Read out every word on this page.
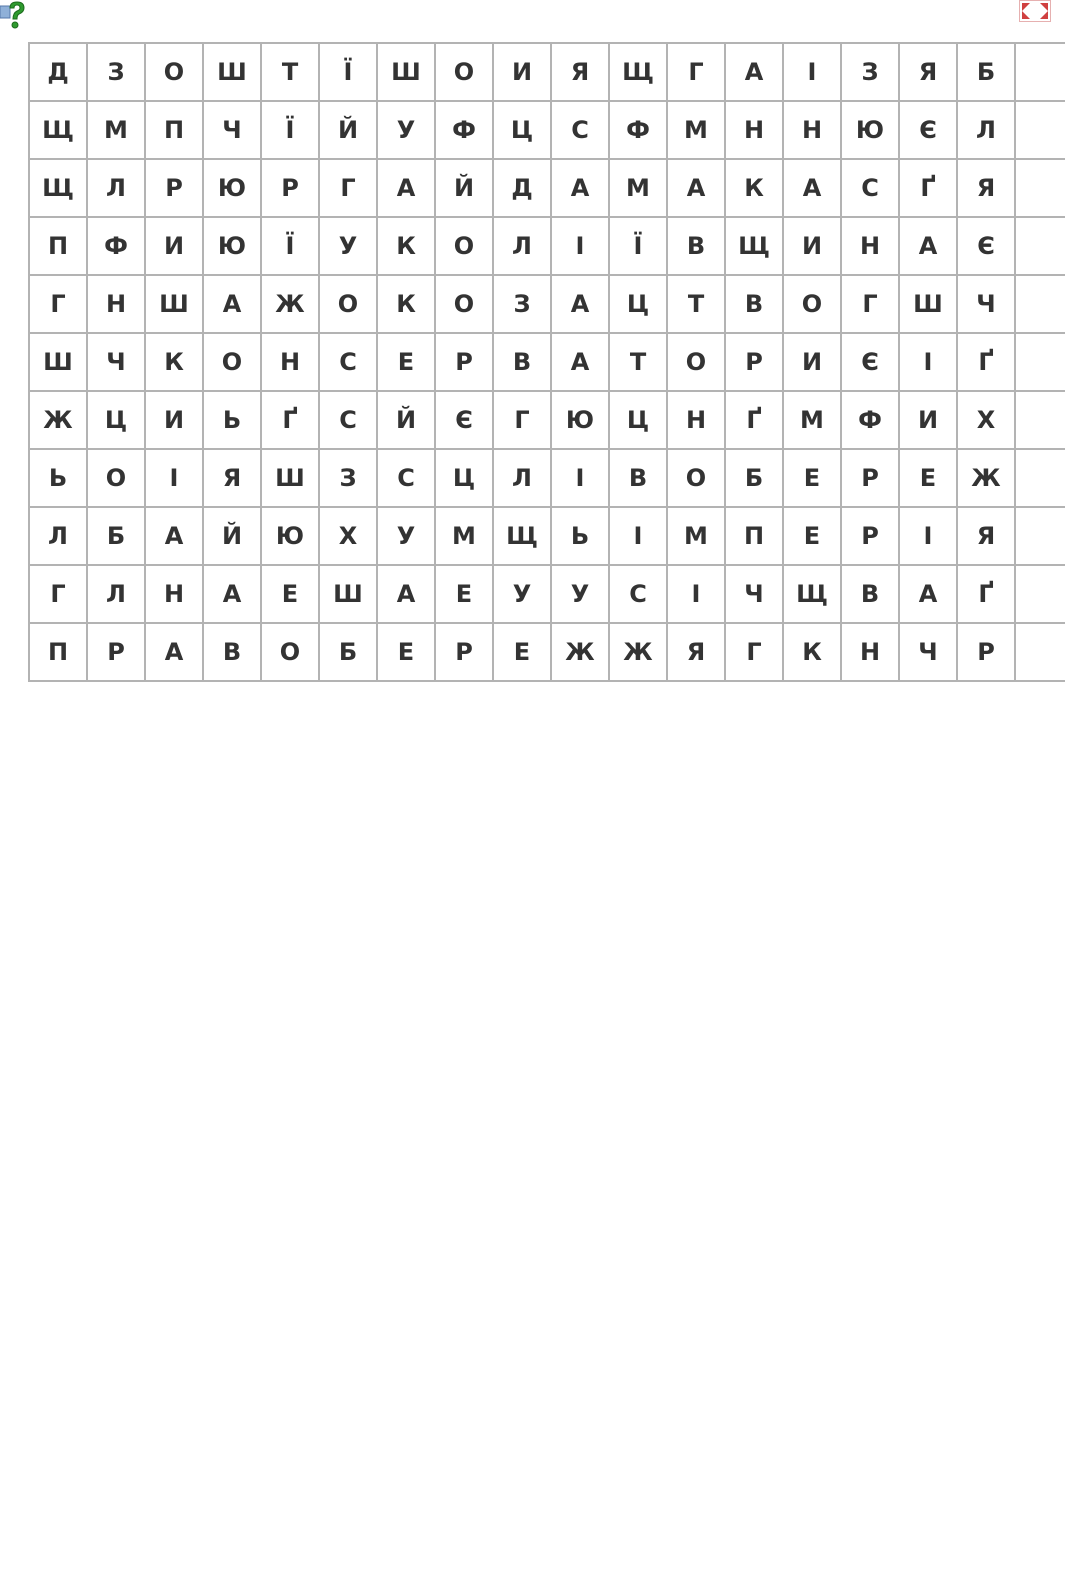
Д	З	О	Ш	Т	Ї	Ш	О	И	Я	Щ	Г	А	І	З	Я	Б
Щ	М	П	Ч	Ї	Й	У	Ф	Ц	С	Ф	М	Н	Н	Ю	Є	Л
Щ	Л	Р	Ю	Р	Г	А	Й	Д	А	М	А	К	А	С	Ґ	Я
П	Ф	И	Ю	Ї	У	К	О	Л	І	Ї	В	Щ	И	Н	А	Є
Г	Н	Ш	А	Ж	О	К	О	З	А	Ц	Т	В	О	Г	Ш	Ч
Ш	Ч	К	О	Н	С	Е	Р	В	А	Т	О	Р	И	Є	І	Ґ
Ж	Ц	И	Ь	Ґ	С	Й	Є	Г	Ю	Ц	Н	Ґ	М	Ф	И	Х
Ь	О	І	Я	Ш	З	С	Ц	Л	І	В	О	Б	Е	Р	Е	Ж
Л	Б	А	Й	Ю	Х	У	М	Щ	Ь	І	М	П	Е	Р	І	Я
Г	Л	Н	А	Е	Ш	А	Е	У	У	С	І	Ч	Щ	В	А	Ґ
П	Р	А	В	О	Б	Е	Р	Е	Ж	Ж	Я	Г	К	Н	Ч	Р
